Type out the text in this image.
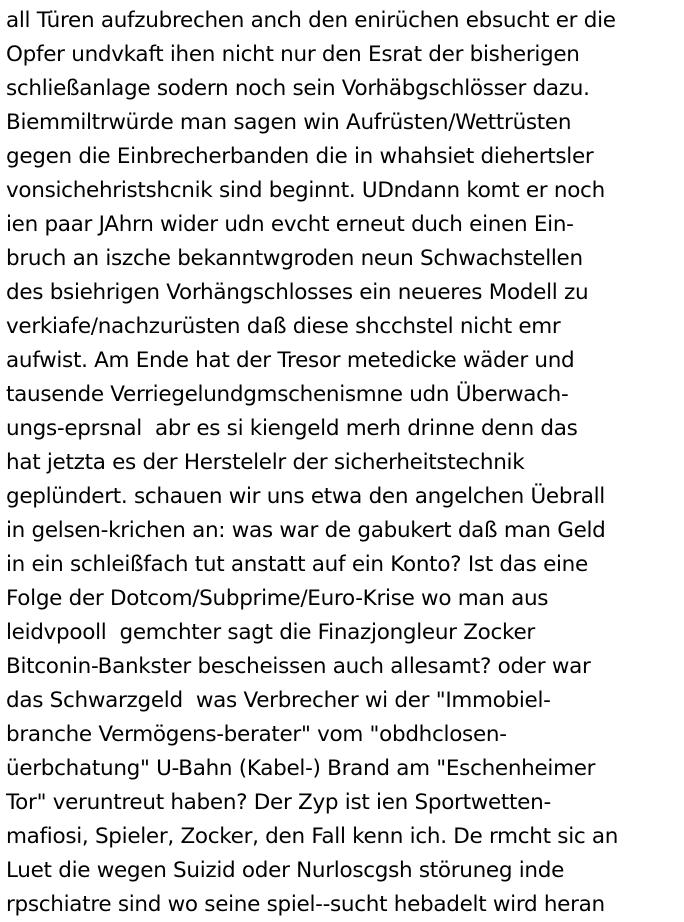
all Türen aufzubrechen anch den enirüchen ebsucht er die
Opfer undvkaft ihen nicht nur den Esrat der bisherigen
schließanlage sodern noch sein Vorhäbgschlösser dazu.
Biemmiltrwürde man sagen win Aufrüsten/Wettrüsten
gegen die Einbrecherbanden die in whahsiet diehertsler
vonsichehristshcnik sind beginnt. UDndann komt er noch
ien paar JAhrn wider udn evcht erneut duch einen Ein-
bruch an iszche bekanntwgroden neun Schwachstellen
des bsiehrigen Vorhängschlosses ein neueres Modell zu
verkiafe/nachzurüsten daß diese shcchstel nicht emr
aufwist. Am Ende hat der Tresor metedicke wäder und
tausende Verriegelundgmschenismne udn Überwach-
ungs-eprsnal  abr es si kiengeld merh drinne denn das
hat jetzta es der Herstelelr der sicherheitstechnik
geplündert. schauen wir uns etwa den angelchen Üebrall
in gelsen-krichen an: was war de gabukert daß man Geld
in ein schleißfach tut anstatt auf ein Konto? Ist das eine
Folge der Dotcom/Subprime/Euro-Krise wo man aus
leidvpooll  gemchter sagt die Finazjongleur Zocker
Bitconin-Bankster bescheissen auch allesamt? oder war
das Schwarzgeld  was Verbrecher wi der "Immobiel-
branche Vermögens-berater" vom "obdhclosen-
üerbchatung" U-Bahn (Kabel-) Brand am "Eschenheimer
Tor" veruntreut haben? Der Zyp ist ien Sportwetten-
mafiosi, Spieler, Zocker, den Fall kenn ich. De rmcht sic an
Luet die wegen Suizid oder Nurloscgsh störuneg inde
rpschiatre sind wo seine spiel--sucht hebadelt wird heran
